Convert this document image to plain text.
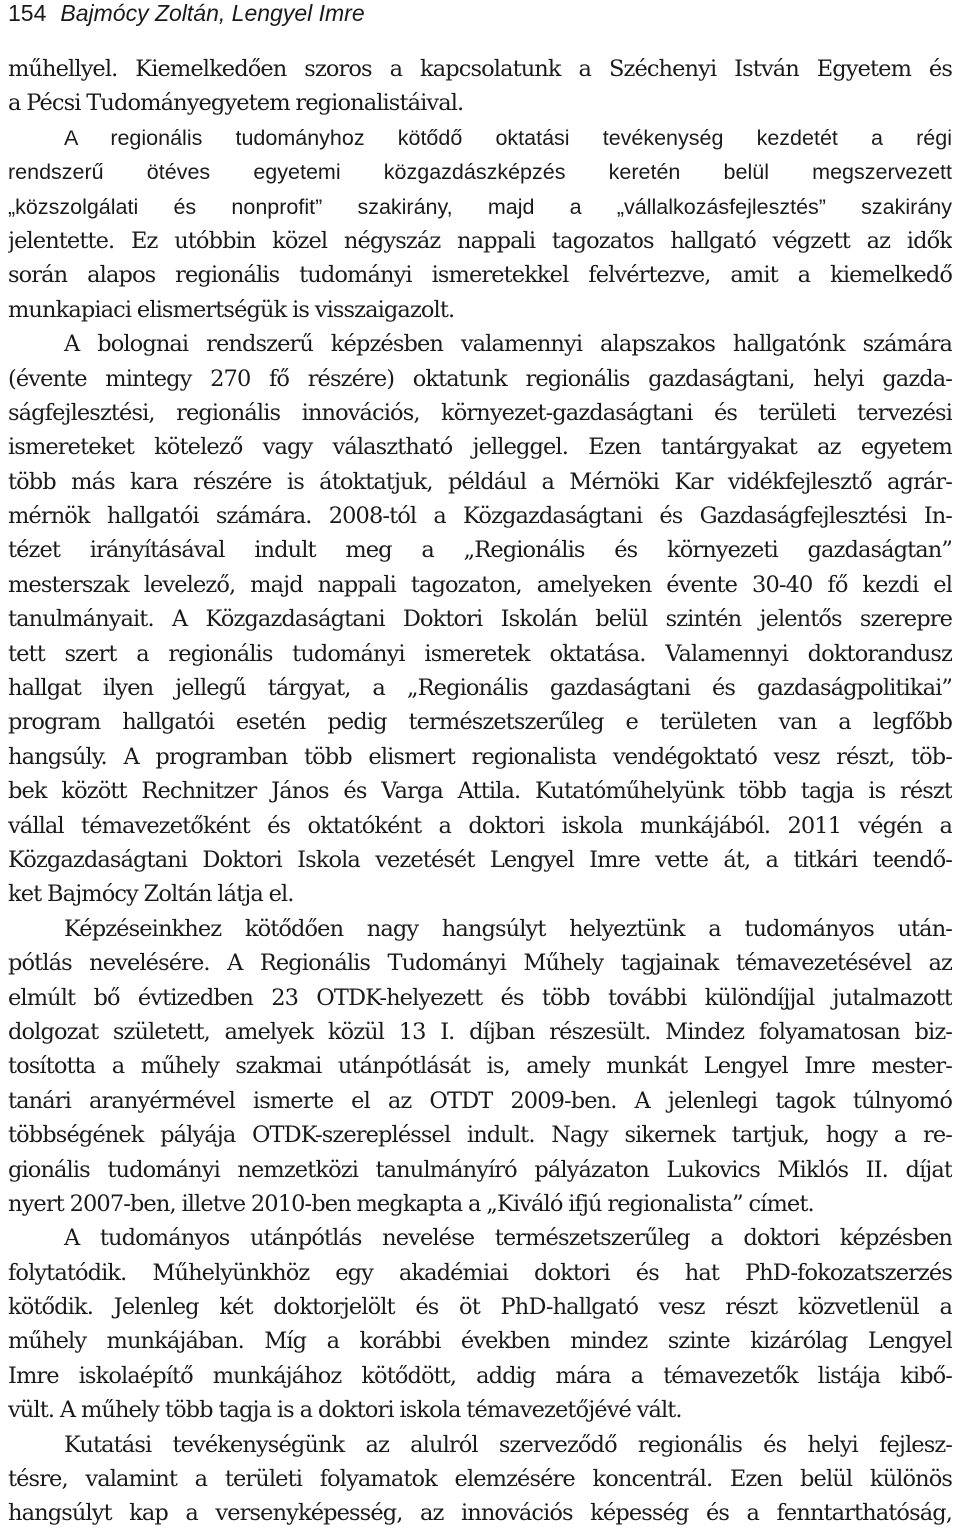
154 Bajmócy Zoltán, Lengyel Imre
műhellyel. Kiemelkedően szoros a kapcsolatunk a Széchenyi István Egyetem és
a Pécsi Tudományegyetem regionalistáival.
A regionális tudományhoz kötődő oktatási tevékenység kezdetét a régi
rendszerű ötéves egyetemi közgazdászképzés keretén belül megszervezett
„közszolgálati és nonprofit” szakirány, majd a „vállalkozásfejlesztés” szakirány
jelentette. Ez utóbbin közel négyszáz nappali tagozatos hallgató végzett az idők
során alapos regionális tudományi ismeretekkel felvértezve, amit a kiemelkedő
munkapiaci elismertségük is visszaigazolt.
A bolognai rendszerű képzésben valamennyi alapszakos hallgatónk számára
(évente mintegy 270 fő részére) oktatunk regionális gazdaságtani, helyi gazda-
ságfejlesztési, regionális innovációs, környezet-gazdaságtani és területi tervezési
ismereteket kötelező vagy választható jelleggel. Ezen tantárgyakat az egyetem
több más kara részére is átoktatjuk, például a Mérnöki Kar vidékfejlesztő agrár-
mérnök hallgatói számára. 2008-tól a Közgazdaságtani és Gazdaságfejlesztési In-
tézet irányításával indult meg a „Regionális és környezeti gazdaságtan”
mesterszak levelező, majd nappali tagozaton, amelyeken évente 30-40 fő kezdi el
tanulmányait. A Közgazdaságtani Doktori Iskolán belül szintén jelentős szerepre
tett szert a regionális tudományi ismeretek oktatása. Valamennyi doktorandusz
hallgat ilyen jellegű tárgyat, a „Regionális gazdaságtani és gazdaságpolitikai”
program hallgatói esetén pedig természetszerűleg e területen van a legfőbb
hangsúly. A programban több elismert regionalista vendégoktató vesz részt, töb-
bek között Rechnitzer János és Varga Attila. Kutatóműhelyünk több tagja is részt
vállal témavezetőként és oktatóként a doktori iskola munkájából. 2011 végén a
Közgazdaságtani Doktori Iskola vezetését Lengyel Imre vette át, a titkári teendő-
ket Bajmócy Zoltán látja el.
Képzéseinkhez kötődően nagy hangsúlyt helyeztünk a tudományos után-
pótlás nevelésére. A Regionális Tudományi Műhely tagjainak témavezetésével az
elmúlt bő évtizedben 23 OTDK-helyezett és több további különdíjjal jutalmazott
dolgozat született, amelyek közül 13 I. díjban részesült. Mindez folyamatosan biz-
tosította a műhely szakmai utánpótlását is, amely munkát Lengyel Imre mester-
tanári aranyérmével ismerte el az OTDT 2009-ben. A jelenlegi tagok túlnyomó
többségének pályája OTDK-szerepléssel indult. Nagy sikernek tartjuk, hogy a re-
gionális tudományi nemzetközi tanulmányíró pályázaton Lukovics Miklós II. díjat
nyert 2007-ben, illetve 2010-ben megkapta a „Kiváló ifjú regionalista” címet.
A tudományos utánpótlás nevelése természetszerűleg a doktori képzésben
folytatódik. Műhelyünkhöz egy akadémiai doktori és hat PhD-fokozatszerzés
kötődik. Jelenleg két doktorjelölt és öt PhD-hallgató vesz részt közvetlenül a
műhely munkájában. Míg a korábbi években mindez szinte kizárólag Lengyel
Imre iskolaépítő munkájához kötődött, addig mára a témavezetők listája kibő-
vült. A műhely több tagja is a doktori iskola témavezetőjévé vált.
Kutatási tevékenységünk az alulról szerveződő regionális és helyi fejlesz-
tésre, valamint a területi folyamatok elemzésére koncentrál. Ezen belül különös
hangsúlyt kap a versenyképesség, az innovációs képesség és a fenntarthatóság,
